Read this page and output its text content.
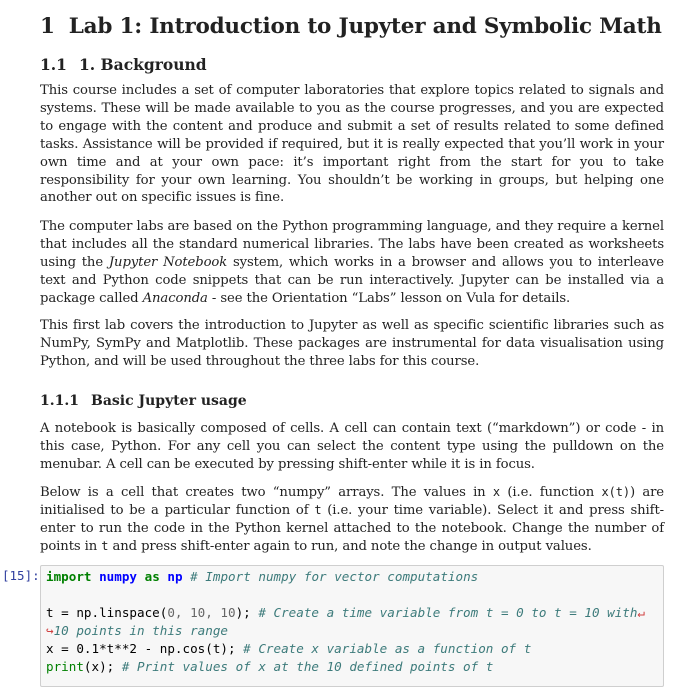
1 Lab 1: Introduction to Jupyter and Symbolic Math
1.1 1. Background

This course includes a set of computer laboratories that explore topics related to signals and systems. These will be made available to you as the course progresses, and you are expected to engage with the content and produce and submit a set of results related to some defined tasks. Assistance will be provided if required, but it is really expected that you’ll work in your own time and at your own pace: it’s important right from the start for you to take responsibility for your own learning. You shouldn’t be working in groups, but helping one another out on specific issues is fine.

The computer labs are based on the Python programming language, and they require a kernel that includes all the standard numerical libraries. The labs have been created as worksheets using the Jupyter Notebook system, which works in a browser and allows you to interleave text and Python code snippets that can be run interactively. Jupyter can be installed via a package called Anaconda - see the Orientation “Labs” lesson on Vula for details.

This first lab covers the introduction to Jupyter as well as specific scientific libraries such as NumPy, SymPy and Matplotlib. These packages are instrumental for data visualisation using Python, and will be used throughout the three labs for this course.

1.1.1 Basic Jupyter usage

A notebook is basically composed of cells. A cell can contain text (“markdown”) or code - in this case, Python. For any cell you can select the content type using the pulldown on the menubar. A cell can be executed by pressing shift-enter while it is in focus.

Below is a cell that creates two “numpy” arrays. The values in x (i.e. function x(t)) are initialised to be a particular function of t (i.e. your time variable). Select it and press shift-enter to run the code in the Python kernel attached to the notebook. Change the number of points in t and press shift-enter again to run, and note the change in output values.

[15]: import numpy as np # Import numpy for vector computations
t = np.linspace(0, 10, 10); # Create a time variable from t = 0 to t = 10 with↵
↪10 points in this range
x = 0.1*t**2 - np.cos(t); # Create x variable as a function of t
print(x); # Print values of x at the 10 defined points of t
